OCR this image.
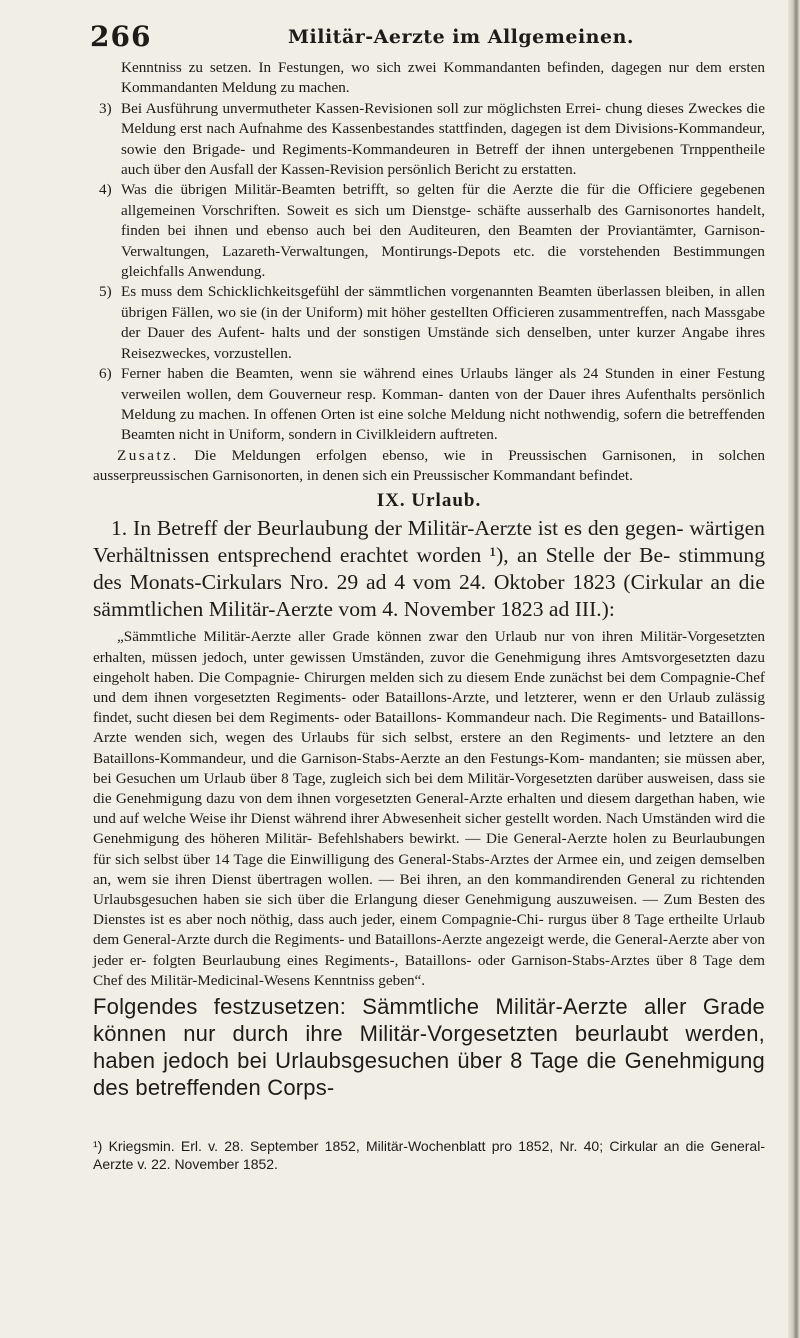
266	Militär-Aerzte im Allgemeinen.

Kenntniss zu setzen. In Festungen, wo sich zwei Kommandanten befinden, dagegen nur dem ersten Kommandanten Meldung zu machen.

3) Bei Ausführung unvermutheter Kassen-Revisionen soll zur möglichsten Errei- chung dieses Zweckes die Meldung erst nach Aufnahme des Kassenbestandes stattfinden, dagegen ist dem Divisions-Kommandeur, sowie den Brigade- und Regiments-Kommandeuren in Betreff der ihnen untergebenen Trnppentheile auch über den Ausfall der Kassen-Revision persönlich Bericht zu erstatten.
4) Was die übrigen Militär-Beamten betrifft, so gelten für die Aerzte die für die Officiere gegebenen allgemeinen Vorschriften. Soweit es sich um Dienstge- schäfte ausserhalb des Garnisonortes handelt, finden bei ihnen und ebenso auch bei den Auditeuren, den Beamten der Proviantämter, Garnison-Verwaltungen, Lazareth-Verwaltungen, Montirungs-Depots etc. die vorstehenden Bestimmungen gleichfalls Anwendung.
5) Es muss dem Schicklichkeitsgefühl der sämmtlichen vorgenannten Beamten überlassen bleiben, in allen übrigen Fällen, wo sie (in der Uniform) mit höher gestellten Officieren zusammentreffen, nach Massgabe der Dauer des Aufent- halts und der sonstigen Umstände sich denselben, unter kurzer Angabe ihres Reisezweckes, vorzustellen.
6) Ferner haben die Beamten, wenn sie während eines Urlaubs länger als 24 Stunden in einer Festung verweilen wollen, dem Gouverneur resp. Komman- danten von der Dauer ihres Aufenthalts persönlich Meldung zu machen. In offenen Orten ist eine solche Meldung nicht nothwendig, sofern die betreffenden Beamten nicht in Uniform, sondern in Civilkleidern auftreten.

Zusatz. Die Meldungen erfolgen ebenso, wie in Preussischen Garnisonen, in solchen ausserpreussischen Garnisonorten, in denen sich ein Preussischer Kommandant befindet.

IX. Urlaub.

1. In Betreff der Beurlaubung der Militär-Aerzte ist es den gegen- wärtigen Verhältnissen entsprechend erachtet worden ¹), an Stelle der Be- stimmung des Monats-Cirkulars Nro. 29 ad 4 vom 24. Oktober 1823 (Cirkular an die sämmtlichen Militär-Aerzte vom 4. November 1823 ad III.):

„Sämmtliche Militär-Aerzte aller Grade können zwar den Urlaub nur von ihren Militär-Vorgesetzten erhalten, müssen jedoch, unter gewissen Umständen, zuvor die Genehmigung ihres Amtsvorgesetzten dazu eingeholt haben. Die Compagnie- Chirurgen melden sich zu diesem Ende zunächst bei dem Compagnie-Chef und dem ihnen vorgesetzten Regiments- oder Bataillons-Arzte, und letzterer, wenn er den Urlaub zulässig findet, sucht diesen bei dem Regiments- oder Bataillons- Kommandeur nach. Die Regiments- und Bataillons-Arzte wenden sich, wegen des Urlaubs für sich selbst, erstere an den Regiments- und letztere an den Bataillons-Kommandeur, und die Garnison-Stabs-Aerzte an den Festungs-Kom- mandanten; sie müssen aber, bei Gesuchen um Urlaub über 8 Tage, zugleich sich bei dem Militär-Vorgesetzten darüber ausweisen, dass sie die Genehmigung dazu von dem ihnen vorgesetzten General-Arzte erhalten und diesem dargethan haben, wie und auf welche Weise ihr Dienst während ihrer Abwesenheit sicher gestellt worden. Nach Umständen wird die Genehmigung des höheren Militär- Befehlshabers bewirkt. — Die General-Aerzte holen zu Beurlaubungen für sich selbst über 14 Tage die Einwilligung des General-Stabs-Arztes der Armee ein, und zeigen demselben an, wem sie ihren Dienst übertragen wollen. — Bei ihren, an den kommandirenden General zu richtenden Urlaubsgesuchen haben sie sich über die Erlangung dieser Genehmigung auszuweisen. — Zum Besten des Dienstes ist es aber noch nöthig, dass auch jeder, einem Compagnie-Chi- rurgus über 8 Tage ertheilte Urlaub dem General-Arzte durch die Regiments- und Bataillons-Aerzte angezeigt werde, die General-Aerzte aber von jeder er- folgten Beurlaubung eines Regiments-, Bataillons- oder Garnison-Stabs-Arztes über 8 Tage dem Chef des Militär-Medicinal-Wesens Kenntniss geben“.

Folgendes festzusetzen: Sämmtliche Militär-Aerzte aller Grade können nur durch ihre Militär-Vorgesetzten beurlaubt werden, haben jedoch bei Urlaubsgesuchen über 8 Tage die Genehmigung des betreffenden Corps-

¹) Kriegsmin. Erl. v. 28. September 1852, Militär-Wochenblatt pro 1852, Nr. 40; Cirkular an die General-Aerzte v. 22. November 1852.
